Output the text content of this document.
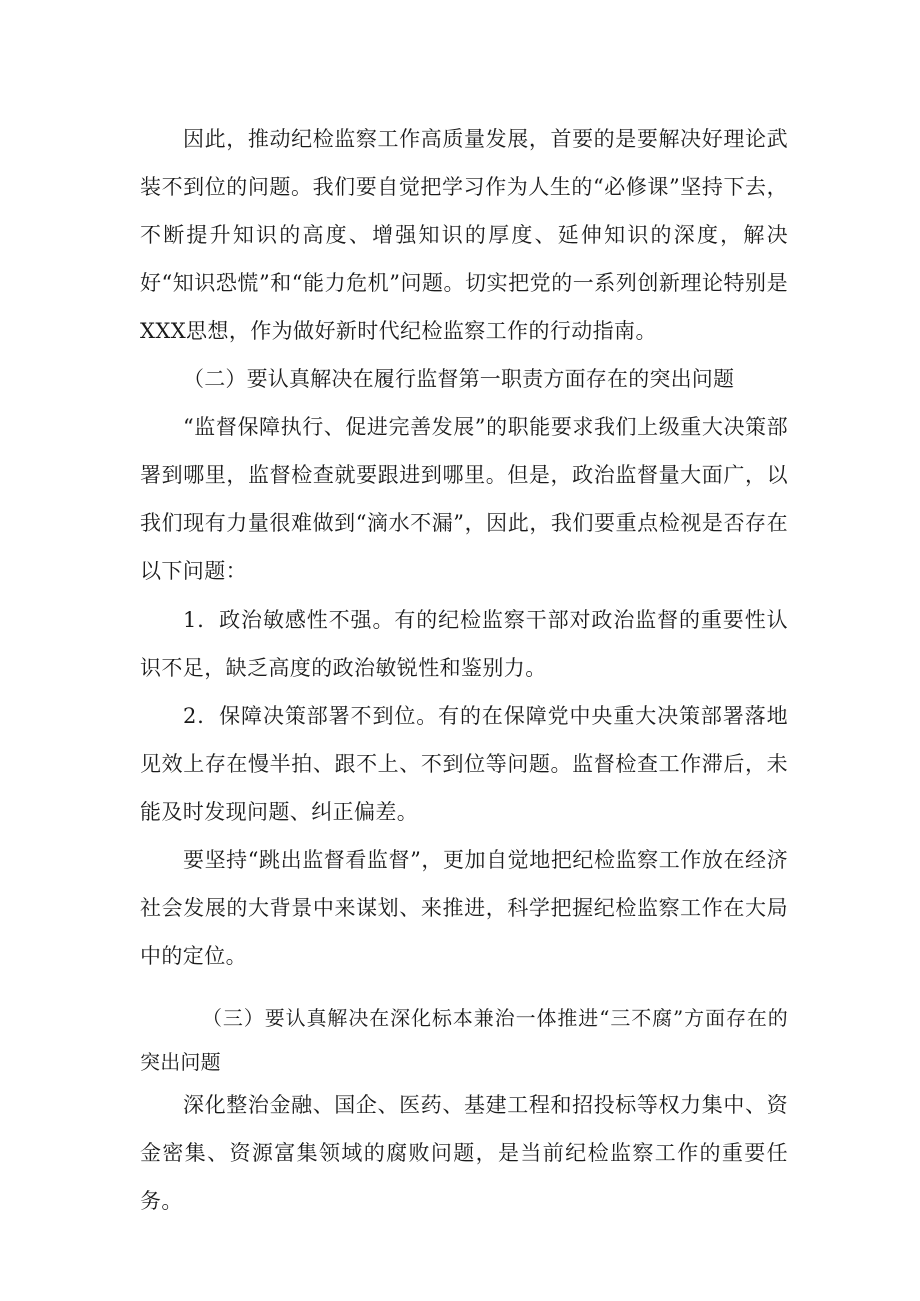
因此，推动纪检监察工作高质量发展，首要的是要解决好理论武装不到位的问题。我们要自觉把学习作为人生的“必修课”坚持下去，不断提升知识的高度、增强知识的厚度、延伸知识的深度，解决好“知识恐慌”和“能力危机”问题。切实把党的一系列创新理论特别是XXX思想，作为做好新时代纪检监察工作的行动指南。

（二）要认真解决在履行监督第一职责方面存在的突出问题

“监督保障执行、促进完善发展”的职能要求我们上级重大决策部署到哪里，监督检查就要跟进到哪里。但是，政治监督量大面广，以我们现有力量很难做到“滴水不漏”，因此，我们要重点检视是否存在以下问题：

1．政治敏感性不强。有的纪检监察干部对政治监督的重要性认识不足，缺乏高度的政治敏锐性和鉴别力。

2．保障决策部署不到位。有的在保障党中央重大决策部署落地见效上存在慢半拍、跟不上、不到位等问题。监督检查工作滞后，未能及时发现问题、纠正偏差。

要坚持“跳出监督看监督”，更加自觉地把纪检监察工作放在经济社会发展的大背景中来谋划、来推进，科学把握纪检监察工作在大局中的定位。

（三）要认真解决在深化标本兼治一体推进“三不腐”方面存在的突出问题

深化整治金融、国企、医药、基建工程和招投标等权力集中、资金密集、资源富集领域的腐败问题，是当前纪检监察工作的重要任务。
